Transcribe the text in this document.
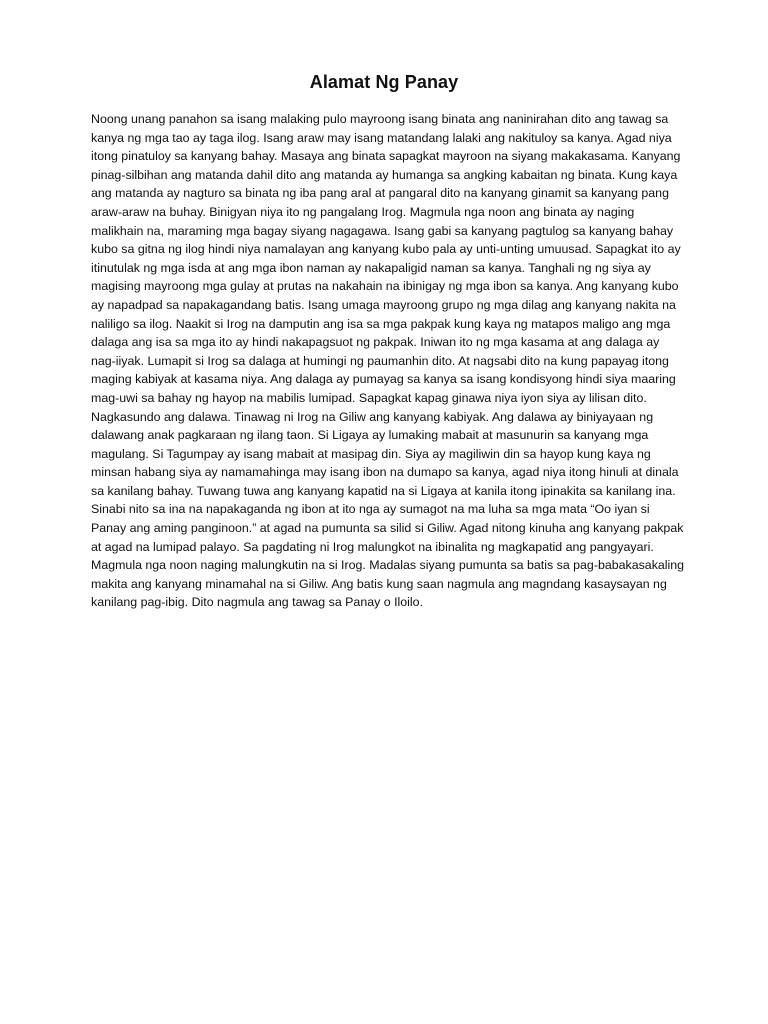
Alamat Ng Panay

Noong unang panahon sa isang malaking pulo mayroong isang binata ang naninirahan dito ang tawag sa kanya ng mga tao ay taga ilog. Isang araw may isang matandang lalaki ang nakituloy sa kanya. Agad niya itong pinatuloy sa kanyang bahay. Masaya ang binata sapagkat mayroon na siyang makakasama. Kanyang pinag-silbihan ang matanda dahil dito ang matanda ay humanga sa angking kabaitan ng binata. Kung kaya ang matanda ay nagturo sa binata ng iba pang aral at pangaral dito na kanyang ginamit sa kanyang pang araw-araw na buhay. Binigyan niya ito ng pangalang Irog. Magmula nga noon ang binata ay naging malikhain na, maraming mga bagay siyang nagagawa. Isang gabi sa kanyang pagtulog sa kanyang bahay kubo sa gitna ng ilog hindi niya namalayan ang kanyang kubo pala ay unti-unting umuusad. Sapagkat ito ay itinutulak ng mga isda at ang mga ibon naman ay nakapaligid naman sa kanya. Tanghali ng ng siya ay magising mayroong mga gulay at prutas na nakahain na ibinigay ng mga ibon sa kanya. Ang kanyang kubo ay napadpad sa napakagandang batis. Isang umaga mayroong grupo ng mga dilag ang kanyang nakita na naliligo sa ilog. Naakit si Irog na damputin ang isa sa mga pakpak kung kaya ng matapos maligo ang mga dalaga ang isa sa mga ito ay hindi nakapagsuot ng pakpak. Iniwan ito ng mga kasama at ang dalaga ay nag-iiyak. Lumapit si Irog sa dalaga at humingi ng paumanhin dito. At nagsabi dito na kung papayag itong maging kabiyak at kasama niya. Ang dalaga ay pumayag sa kanya sa isang kondisyong hindi siya maaring mag-uwi sa bahay ng hayop na mabilis lumipad. Sapagkat kapag ginawa niya iyon siya ay lilisan dito. Nagkasundo ang dalawa. Tinawag ni Irog na Giliw ang kanyang kabiyak. Ang dalawa ay biniyayaan ng dalawang anak pagkaraan ng ilang taon. Si Ligaya ay lumaking mabait at masunurin sa kanyang mga magulang. Si Tagumpay ay isang mabait at masipag din. Siya ay magiliwin din sa hayop kung kaya ng minsan habang siya ay namamahinga may isang ibon na dumapo sa kanya, agad niya itong hinuli at dinala sa kanilang bahay. Tuwang tuwa ang kanyang kapatid na si Ligaya at kanila itong ipinakita sa kanilang ina. Sinabi nito sa ina na napakaganda ng ibon at ito nga ay sumagot na ma luha sa mga mata “Oo iyan si Panay ang aming panginoon.” at agad na pumunta sa silid si Giliw. Agad nitong kinuha ang kanyang pakpak at agad na lumipad palayo. Sa pagdating ni Irog malungkot na ibinalita ng magkapatid ang pangyayari. Magmula nga noon naging malungkutin na si Irog. Madalas siyang pumunta sa batis sa pag-babakasakaling makita ang kanyang minamahal na si Giliw. Ang batis kung saan nagmula ang magndang kasaysayan ng kanilang pag-ibig. Dito nagmula ang tawag sa Panay o Iloilo.
